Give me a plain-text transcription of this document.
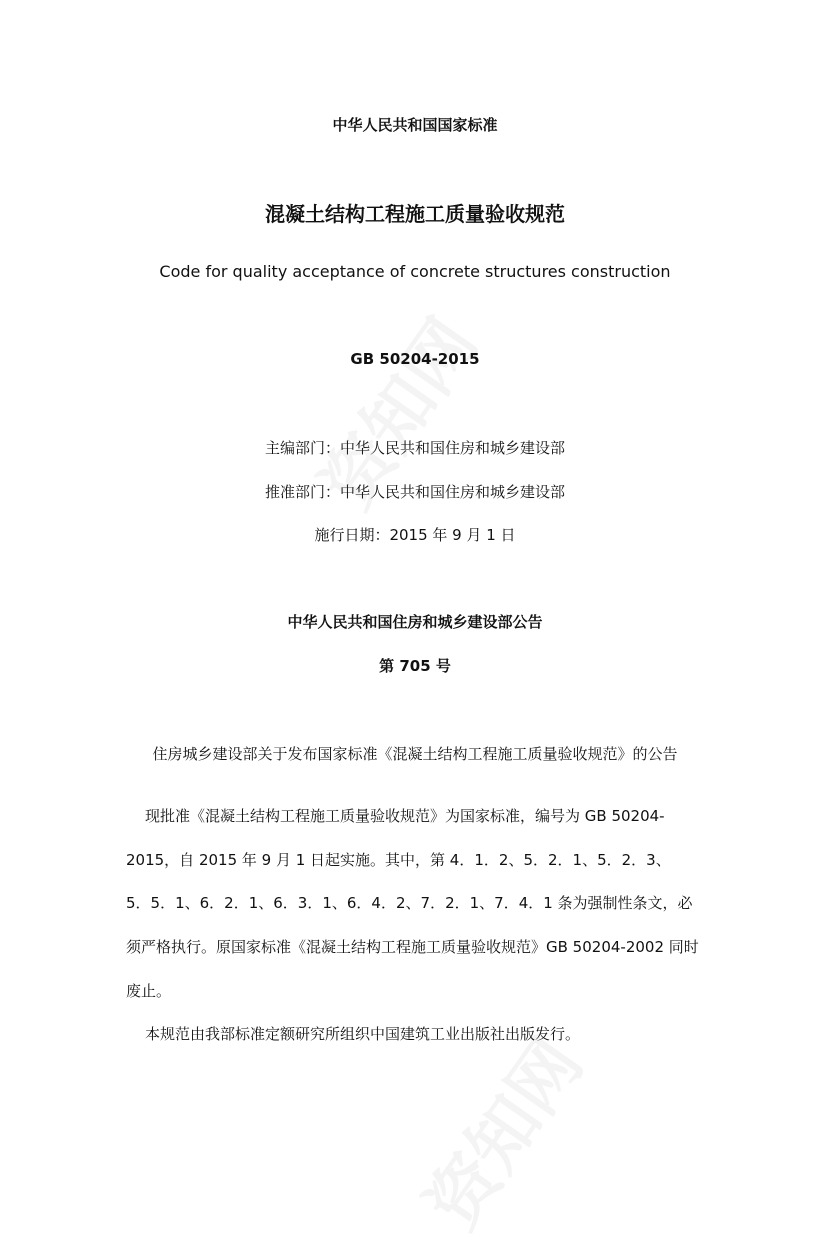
中华人民共和国国家标准
混凝土结构工程施工质量验收规范
Code for quality acceptance of concrete structures construction
GB 50204-2015
主编部门：中华人民共和国住房和城乡建设部
推准部门：中华人民共和国住房和城乡建设部
施行日期：2015 年 9 月 1 日
中华人民共和国住房和城乡建设部公告
第 705 号
住房城乡建设部关于发布国家标准《混凝土结构工程施工质量验收规范》的公告
现批准《混凝土结构工程施工质量验收规范》为国家标准，编号为 GB 50204-
2015，自 2015 年 9 月 1 日起实施。其中，第 4．1．2、5．2．1、5．2．3、
5．5．1、6．2．1、6．3．1、6．4．2、7．2．1、7．4．1 条为强制性条文，必
须严格执行。原国家标准《混凝土结构工程施工质量验收规范》GB 50204-2002 同时
废止。
本规范由我部标准定额研究所组织中国建筑工业出版社出版发行。
